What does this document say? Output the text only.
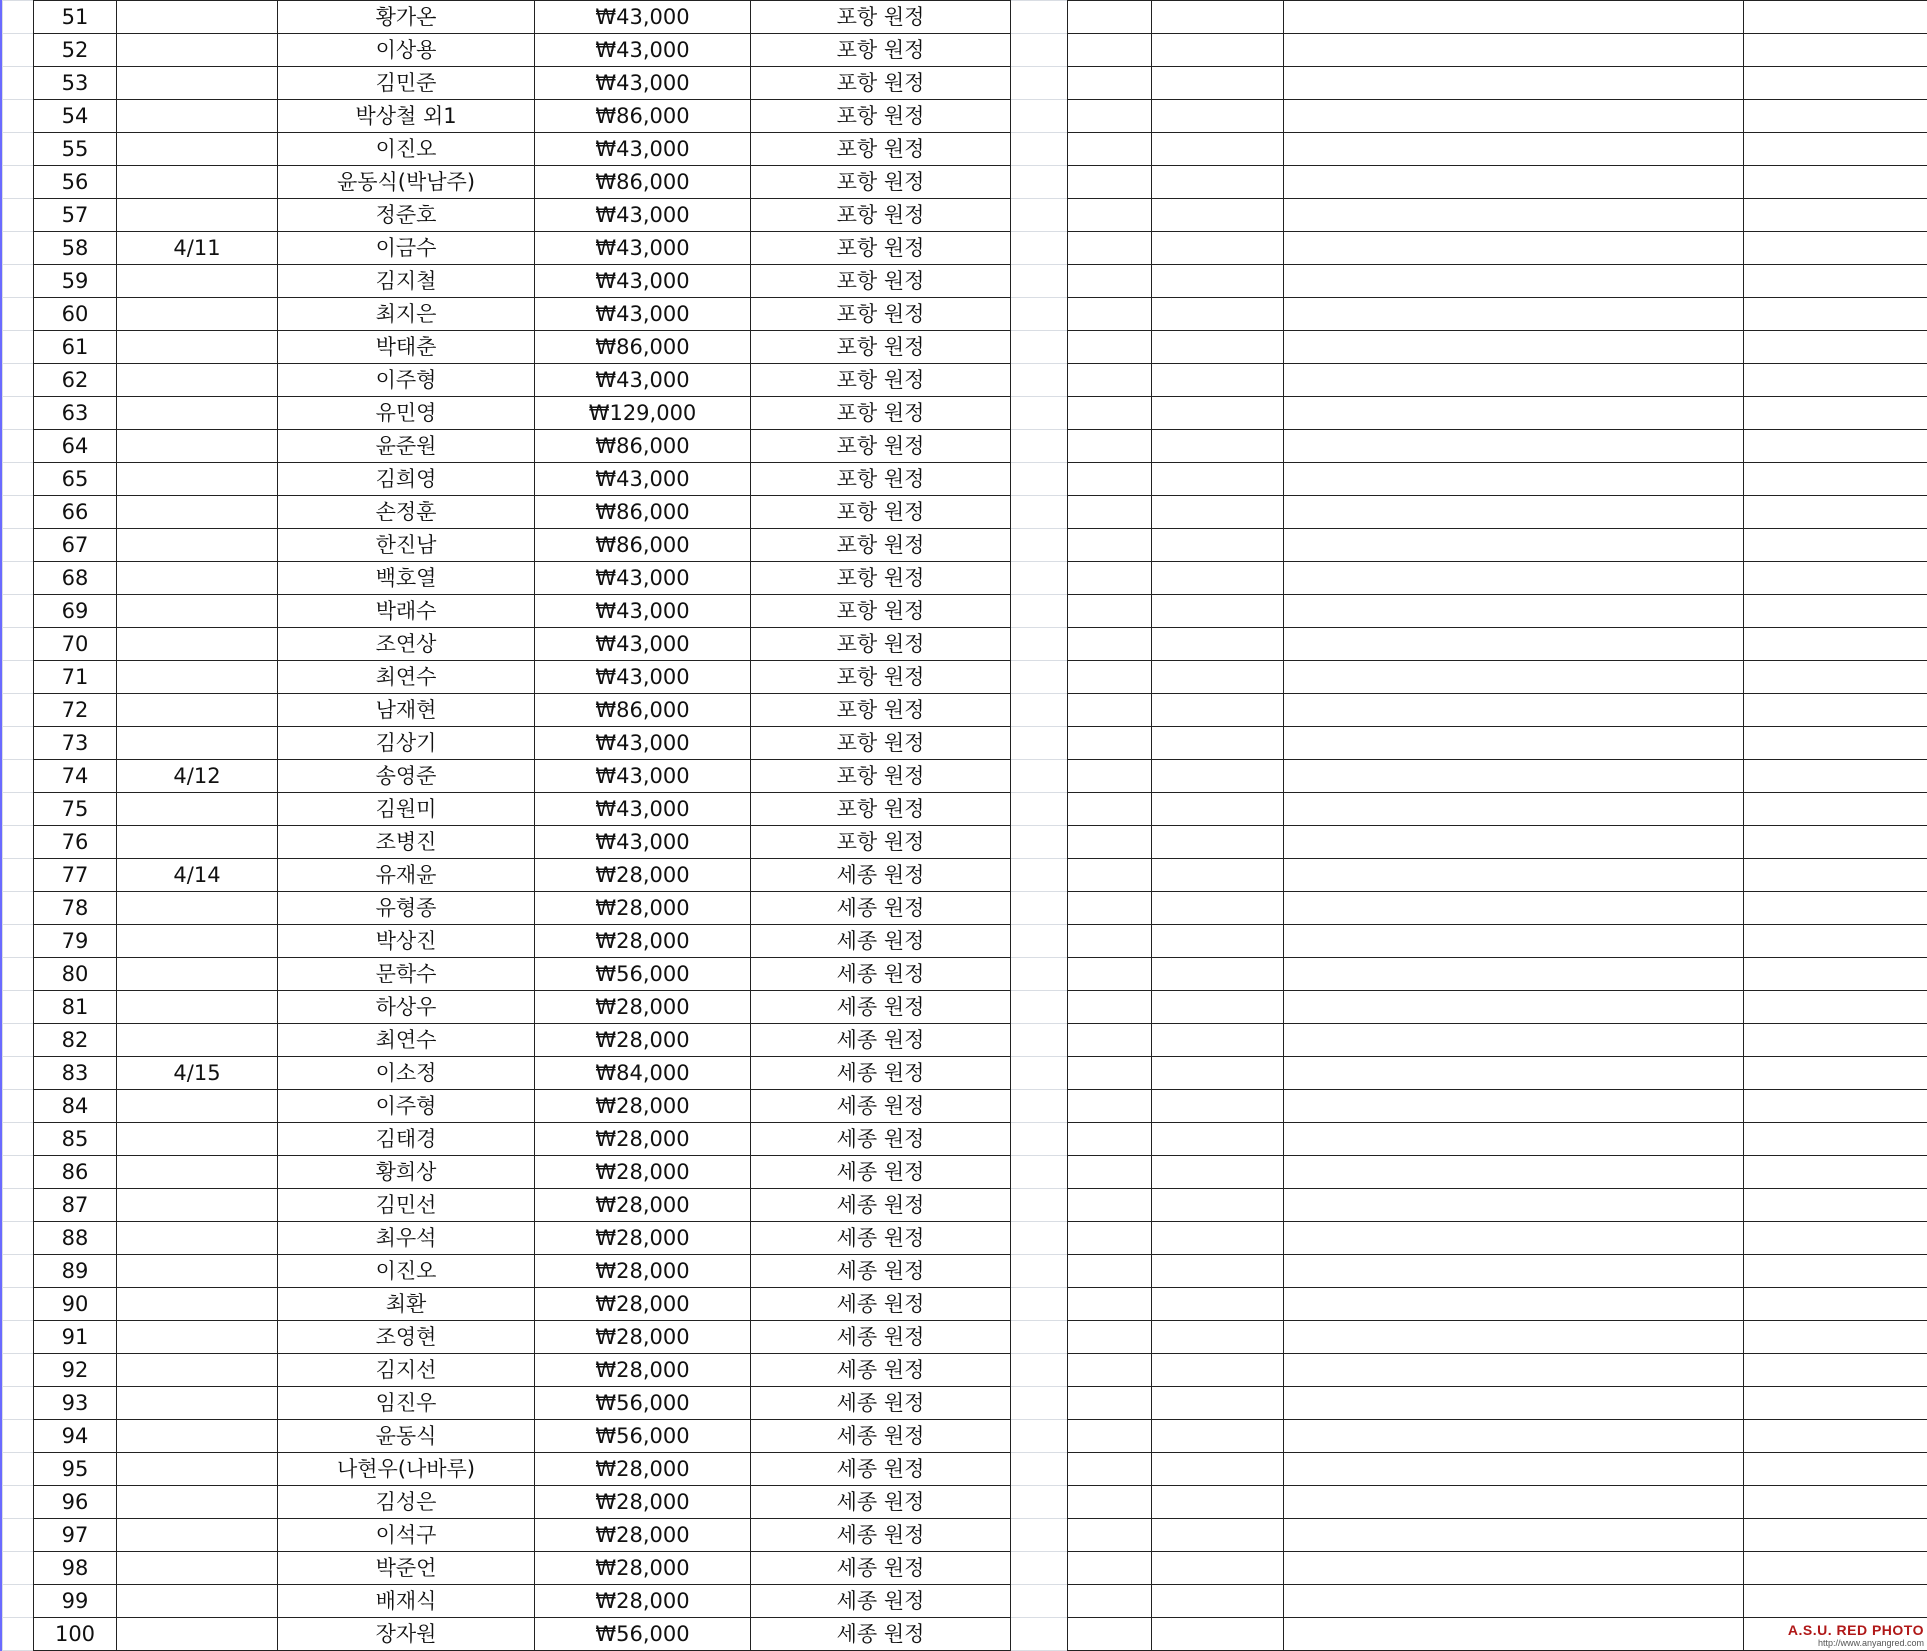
51		황가온	₩43,000	포항 원정
52		이상용	₩43,000	포항 원정
53		김민준	₩43,000	포항 원정
54		박상철 외1	₩86,000	포항 원정
55		이진오	₩43,000	포항 원정
56		윤동식(박남주)	₩86,000	포항 원정
57		정준호	₩43,000	포항 원정
58	4/11	이금수	₩43,000	포항 원정
59		김지철	₩43,000	포항 원정
60		최지은	₩43,000	포항 원정
61		박태춘	₩86,000	포항 원정
62		이주형	₩43,000	포항 원정
63		유민영	₩129,000	포항 원정
64		윤준원	₩86,000	포항 원정
65		김희영	₩43,000	포항 원정
66		손정훈	₩86,000	포항 원정
67		한진남	₩86,000	포항 원정
68		백호열	₩43,000	포항 원정
69		박래수	₩43,000	포항 원정
70		조연상	₩43,000	포항 원정
71		최연수	₩43,000	포항 원정
72		남재현	₩86,000	포항 원정
73		김상기	₩43,000	포항 원정
74	4/12	송영준	₩43,000	포항 원정
75		김원미	₩43,000	포항 원정
76		조병진	₩43,000	포항 원정
77	4/14	유재윤	₩28,000	세종 원정
78		유형종	₩28,000	세종 원정
79		박상진	₩28,000	세종 원정
80		문학수	₩56,000	세종 원정
81		하상우	₩28,000	세종 원정
82		최연수	₩28,000	세종 원정
83	4/15	이소정	₩84,000	세종 원정
84		이주형	₩28,000	세종 원정
85		김태경	₩28,000	세종 원정
86		황희상	₩28,000	세종 원정
87		김민선	₩28,000	세종 원정
88		최우석	₩28,000	세종 원정
89		이진오	₩28,000	세종 원정
90		최환	₩28,000	세종 원정
91		조영현	₩28,000	세종 원정
92		김지선	₩28,000	세종 원정
93		임진우	₩56,000	세종 원정
94		윤동식	₩56,000	세종 원정
95		나현우(나바루)	₩28,000	세종 원정
96		김성은	₩28,000	세종 원정
97		이석구	₩28,000	세종 원정
98		박준언	₩28,000	세종 원정
99		배재식	₩28,000	세종 원정
100		장자원	₩56,000	세종 원정

				A.S.U. RED PHOTO
http://www.anyangred.com
